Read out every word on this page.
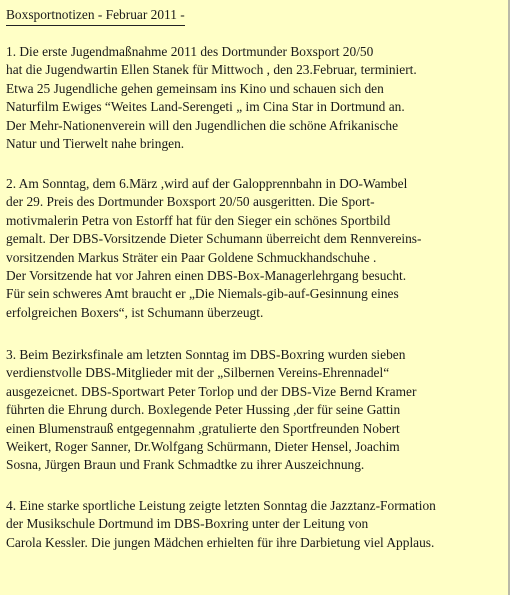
Boxsportnotizen - Februar 2011 -
1. Die erste Jugendmaßnahme 2011 des Dortmunder Boxsport 20/50
hat die Jugendwartin Ellen Stanek für Mittwoch , den 23.Februar, terminiert.
Etwa 25 Jugendliche gehen gemeinsam ins Kino und schauen sich den
Naturfilm Ewiges “Weites Land-Serengeti „ im Cina Star in Dortmund an.
Der Mehr-Nationenverein will den Jugendlichen die schöne Afrikanische
Natur und Tierwelt nahe bringen.
2. Am Sonntag, dem 6.März ,wird auf der Galopprennbahn in DO-Wambel
der 29. Preis des Dortmunder Boxsport 20/50 ausgeritten. Die Sport-
motivmalerin Petra von Estorff hat für den Sieger ein schönes Sportbild
gemalt. Der DBS-Vorsitzende Dieter Schumann überreicht dem Rennvereins-
vorsitzenden Markus Sträter ein Paar Goldene Schmuckhandschuhe .
Der Vorsitzende hat vor Jahren einen DBS-Box-Managerlehrgang besucht.
Für sein schweres Amt braucht er „Die Niemals-gib-auf-Gesinnung eines
erfolgreichen Boxers“, ist Schumann überzeugt.
3. Beim Bezirksfinale am letzten Sonntag im DBS-Boxring wurden sieben
verdienstvolle DBS-Mitglieder mit der „Silbernen Vereins-Ehrennadel“
ausgezeicnet. DBS-Sportwart Peter Torlop und der DBS-Vize Bernd Kramer
führten die Ehrung durch. Boxlegende Peter Hussing ,der für seine Gattin
einen Blumenstrauß entgegennahm ,gratulierte den Sportfreunden Nobert
Weikert, Roger Sanner, Dr.Wolfgang Schürmann, Dieter Hensel, Joachim
Sosna, Jürgen Braun und Frank Schmadtke zu ihrer Auszeichnung.
4. Eine starke sportliche Leistung zeigte letzten Sonntag die Jazztanz-Formation
der Musikschule Dortmund im DBS-Boxring unter der Leitung von
Carola Kessler. Die jungen Mädchen erhielten für ihre Darbietung viel Applaus.
